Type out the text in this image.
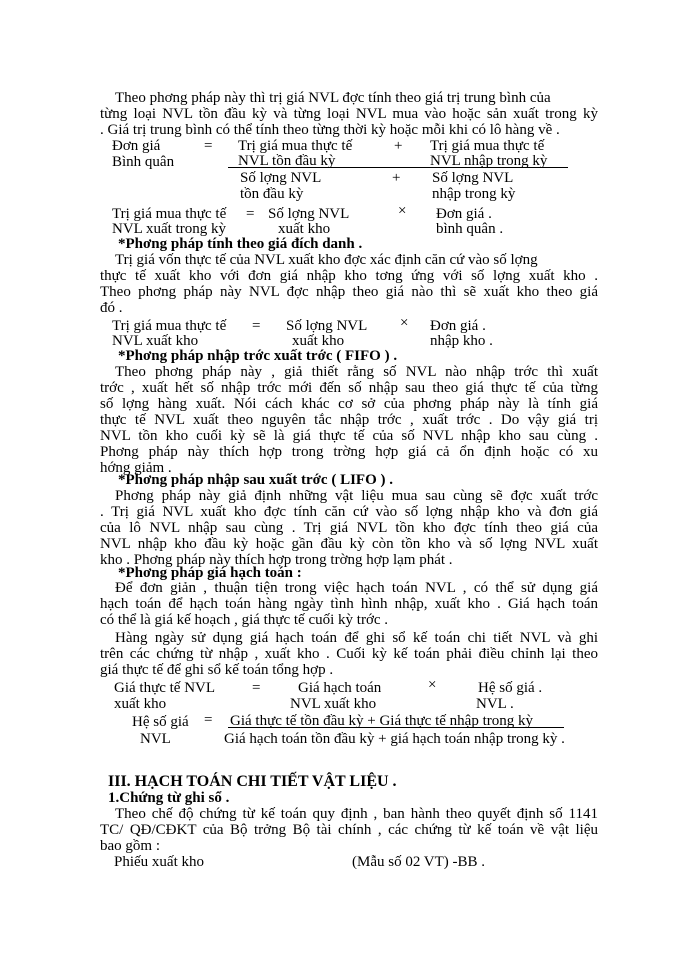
Theo phơng pháp này thì trị giá NVL đợc tính theo giá trị trung bình của
từng loại NVL tồn đầu kỳ và từng loại NVL mua vào hoặc sản xuất trong kỳ
. Giá trị trung bình có thể tính theo từng thời kỳ hoặc mỗi khi có lô hàng về .
Đơn giá
Bình quân
=	+
Trị giá mua thực tế	Trị giá mua thực tế
NVL tồn đầu kỳ	NVL nhập trong kỳ
Số lợng NVL	+ Số lợng NVL
tồn đầu kỳ	nhập trong kỳ
Trị giá mua thực tế
NVL xuất trong kỳ
= Số lợng NVL
xuất kho
× Đơn giá .
bình quân .
*Phơng pháp tính theo giá đích danh .
Trị giá vốn thực tế của NVL xuất kho đợc xác định căn cứ vào số lợng
thực tế xuất kho với đơn giá nhập kho tơng ứng với số lợng xuất kho .
Theo phơng pháp này NVL đợc nhập theo giá nào thì sẽ xuất kho theo giá
đó .
Trị giá mua thực tế
NVL xuất kho
= Số lợng NVL
xuất kho
× Đơn giá .
nhập kho .
*Phơng pháp nhập trớc xuất trớc ( FIFO ) .
Theo phơng pháp này , giả thiết rằng số NVL nào nhập trớc thì xuất
trớc , xuất hết số nhập trớc mới đến số nhập sau theo giá thực tế của từng
số lợng hàng xuất. Nói cách khác cơ sở của phơng pháp này là tính giá
thực tế NVL xuất theo nguyên tắc nhập trớc , xuất trớc . Do vậy giá trị
NVL tồn kho cuối kỳ sẽ là giá thực tế của số NVL nhập kho sau cùng .
Phơng pháp này thích hợp trong trờng hợp giá cả ổn định hoặc có xu
hớng giảm .
*Phơng pháp nhập sau xuất trớc ( LIFO ) .
Phơng pháp này giả định những vật liệu mua sau cùng sẽ đợc xuất trớc
. Trị giá NVL xuất kho đợc tính căn cứ vào số lợng nhập kho và đơn giá
của lô NVL nhập sau cùng . Trị giá NVL tồn kho đợc tính theo giá của
NVL nhập kho đầu kỳ hoặc gần đầu kỳ còn tồn kho và số lợng NVL xuất
kho . Phơng pháp này thích hợp trong trờng hợp lạm phát .
*Phơng pháp giá hạch toán :
Để đơn giản , thuận tiện trong việc hạch toán NVL , có thể sử dụng giá
hạch toán để hạch toán hàng ngày tình hình nhập, xuất kho . Giá hạch toán
có thể là giá kế hoạch , giá thực tế cuối kỳ trớc .
Hàng ngày sử dụng giá hạch toán để ghi sổ kế toán chi tiết NVL và ghi
trên các chứng từ nhập , xuất kho . Cuối kỳ kế toán phải điều chỉnh lại theo
giá thực tế để ghi sổ kế toán tổng hợp .
Giá thực tế NVL
xuất kho
=	Giá hạch toán
NVL xuất kho
×	Hệ số giá .
NVL .
Hệ số giá
NVL
= Giá thực tế tồn đầu kỳ + Giá thực tế nhập trong kỳ
Giá hạch toán tồn đầu kỳ + giá hạch toán nhập trong kỳ .
III. HẠCH TOÁN CHI TIẾT VẬT LIỆU .
1.Chứng từ ghi sổ .
Theo chế độ chứng từ kế toán quy định , ban hành theo quyết định số 1141
TC/ QĐ/CĐKT của Bộ trởng Bộ tài chính , các chứng từ kế toán về vật liệu
bao gồm :
Phiếu xuất kho	(Mẫu số 02 VT) -BB .
